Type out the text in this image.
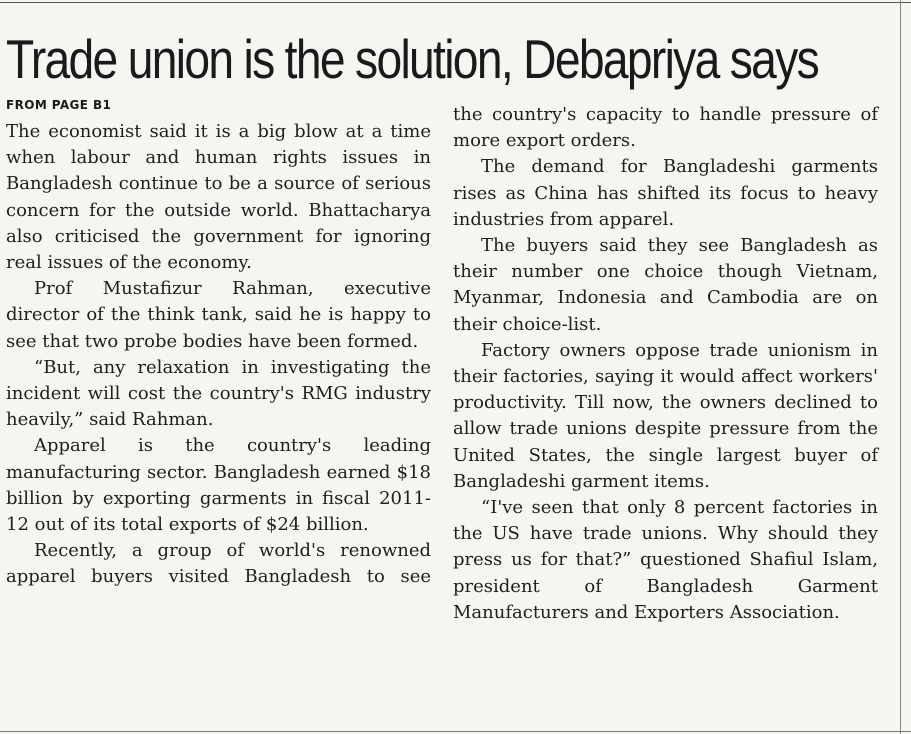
Trade union is the solution, Debapriya says
FROM PAGE B1

The economist said it is a big blow at a time when labour and human rights issues in Bangladesh continue to be a source of serious concern for the outside world. Bhattacharya also criticised the government for ignoring real issues of the economy.

Prof Mustafizur Rahman, executive director of the think tank, said he is happy to see that two probe bodies have been formed.

“But, any relaxation in investigating the incident will cost the country's RMG industry heavily,” said Rahman.

Apparel is the country's leading manufacturing sector. Bangladesh earned $18 billion by exporting garments in fiscal 2011-12 out of its total exports of $24 billion.

Recently, a group of world's renowned apparel buyers visited Bangladesh to see

the country's capacity to handle pressure of more export orders.

The demand for Bangladeshi garments rises as China has shifted its focus to heavy industries from apparel.

The buyers said they see Bangladesh as their number one choice though Vietnam, Myanmar, Indonesia and Cambodia are on their choice-list.

Factory owners oppose trade unionism in their factories, saying it would affect workers' productivity. Till now, the owners declined to allow trade unions despite pressure from the United States, the single largest buyer of Bangladeshi garment items.

“I've seen that only 8 percent factories in the US have trade unions. Why should they press us for that?” questioned Shafiul Islam, president of Bangladesh Garment Manufacturers and Exporters Association.
